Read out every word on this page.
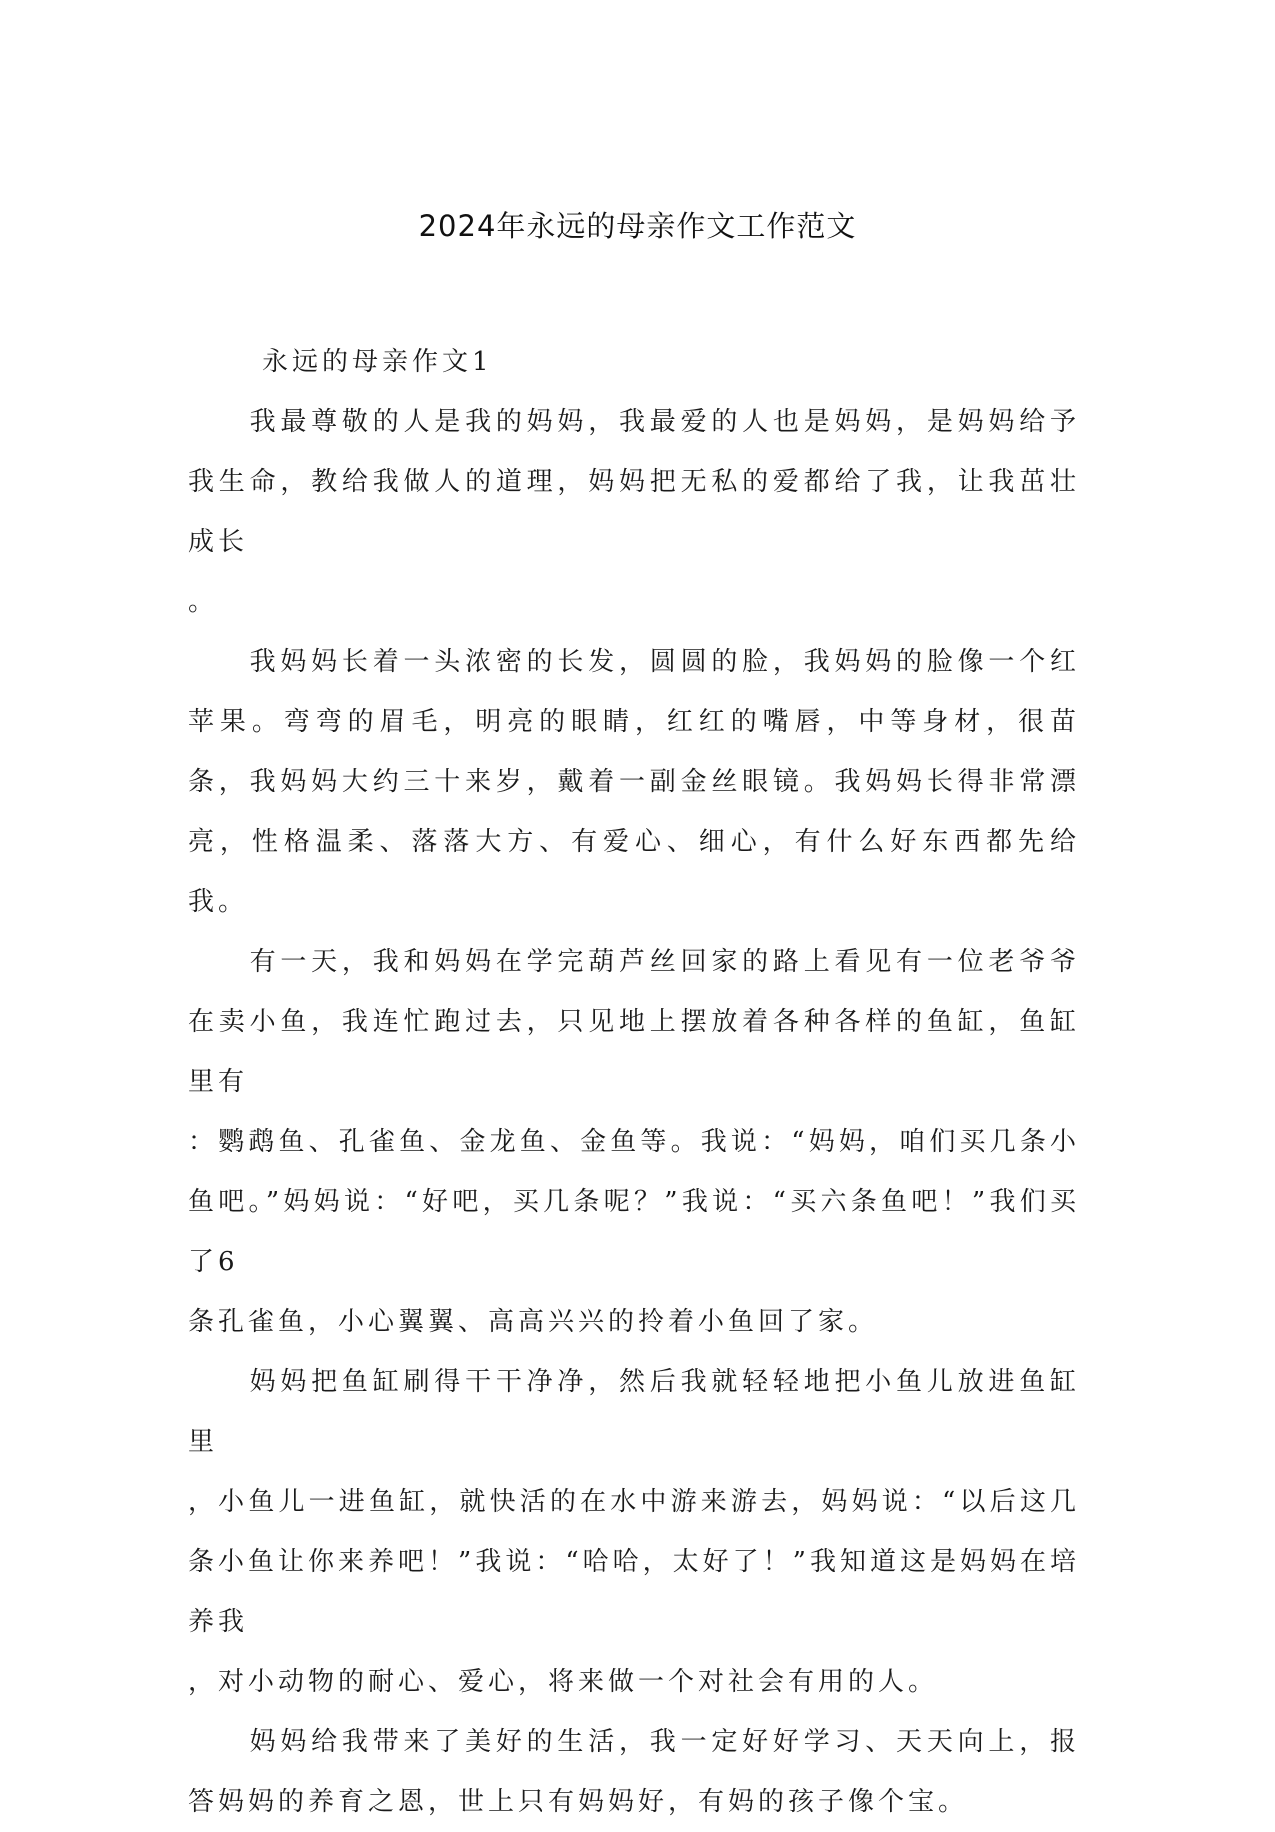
2024年永远的母亲作文工作范文

永远的母亲作文1

　　我最尊敬的人是我的妈妈，我最爱的人也是妈妈，是妈妈给予我生命，教给我做人的道理，妈妈把无私的爱都给了我，让我茁壮成长
。

　　我妈妈长着一头浓密的长发，圆圆的脸，我妈妈的脸像一个红苹果。弯弯的眉毛，明亮的眼睛，红红的嘴唇，中等身材，很苗条，我妈妈大约三十来岁，戴着一副金丝眼镜。我妈妈长得非常漂亮，性格温柔、落落大方、有爱心、细心，有什么好东西都先给我。

　　有一天，我和妈妈在学完葫芦丝回家的路上看见有一位老爷爷在卖小鱼，我连忙跑过去，只见地上摆放着各种各样的鱼缸，鱼缸里有
：鹦鹉鱼、孔雀鱼、金龙鱼、金鱼等。我说：“妈妈，咱们买几条小鱼吧。”妈妈说：“好吧，买几条呢？”我说：“买六条鱼吧！”我们买了6
条孔雀鱼，小心翼翼、高高兴兴的拎着小鱼回了家。

　　妈妈把鱼缸刷得干干净净，然后我就轻轻地把小鱼儿放进鱼缸里
，小鱼儿一进鱼缸，就快活的在水中游来游去，妈妈说：“以后这几条小鱼让你来养吧！”我说：“哈哈，太好了！”我知道这是妈妈在培养我
，对小动物的耐心、爱心，将来做一个对社会有用的人。

　　妈妈给我带来了美好的生活，我一定好好学习、天天向上，报答妈妈的养育之恩，世上只有妈妈好，有妈的孩子像个宝。
